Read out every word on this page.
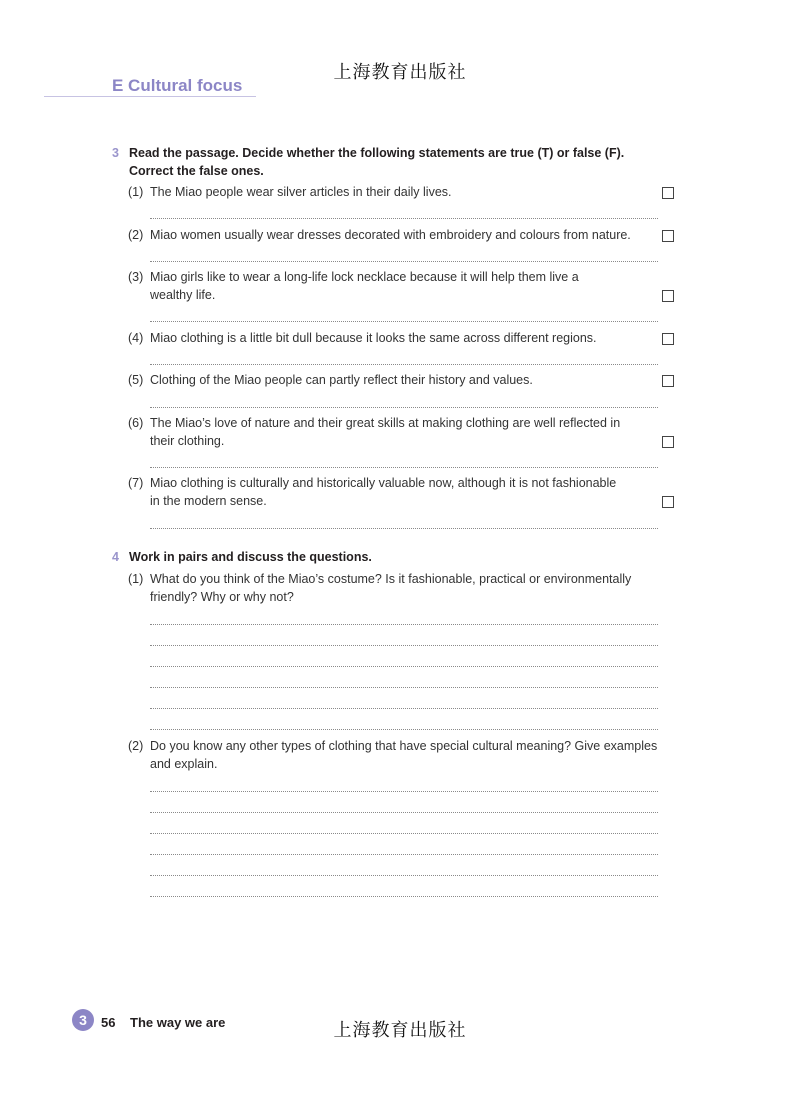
上海教育出版社
上海教育出版社
E Cultural focus
3 Read the passage. Decide whether the following statements are true (T) or false (F).
Correct the false ones.
(1) The Miao people wear silver articles in their daily lives.
(2) Miao women usually wear dresses decorated with embroidery and colours from nature.
(3) Miao girls like to wear a long-life lock necklace because it will help them live a
wealthy life.
(4) Miao clothing is a little bit dull because it looks the same across different regions.
(5) Clothing of the Miao people can partly reflect their history and values.
(6) The Miao’s love of nature and their great skills at making clothing are well reflected in
their clothing.
(7) Miao clothing is culturally and historically valuable now, although it is not fashionable
in the modern sense.
4 Work in pairs and discuss the questions.
(1) What do you think of the Miao’s costume? Is it fashionable, practical or environmentally
friendly? Why or why not?
(2) Do you know any other types of clothing that have special cultural meaning? Give examples
and explain.
3	56 The way we are
